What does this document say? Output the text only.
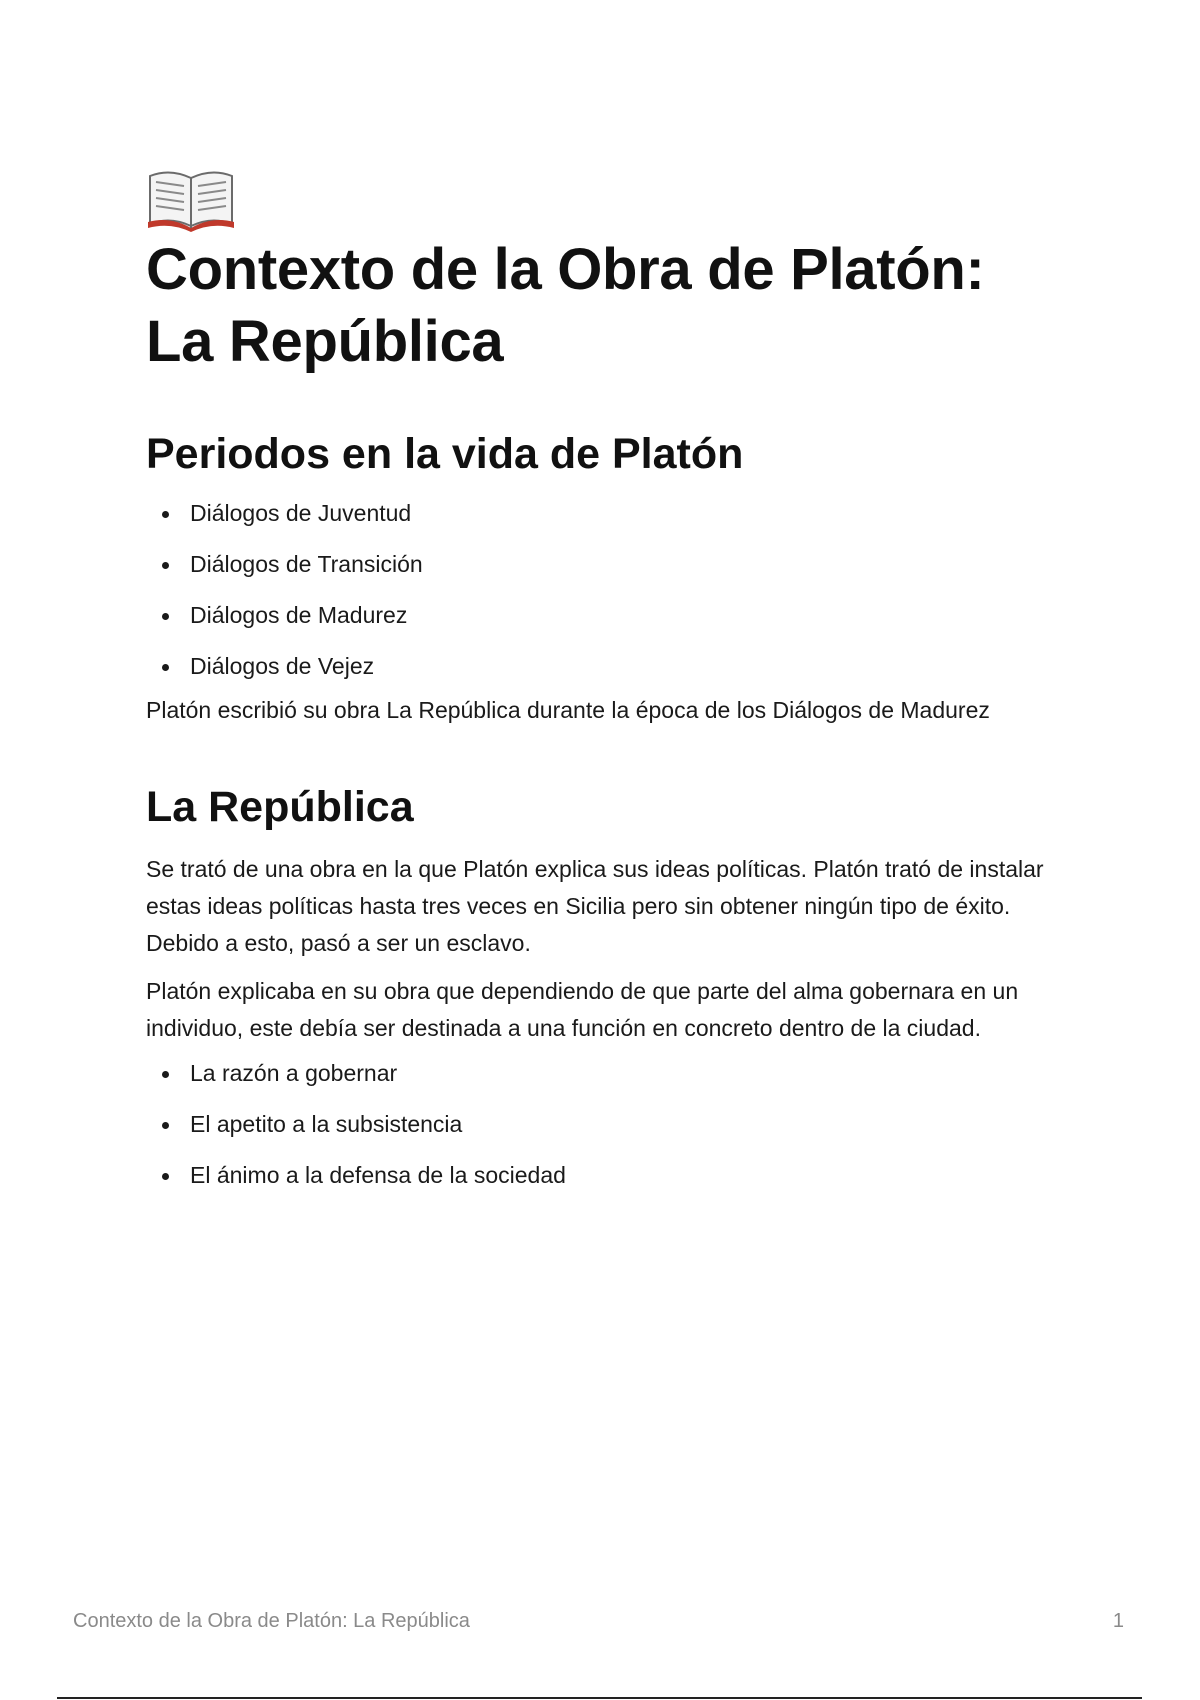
Contexto de la Obra de Platón: La República
Periodos en la vida de Platón
Diálogos de Juventud
Diálogos de Transición
Diálogos de Madurez
Diálogos de Vejez

Platón escribió su obra La República durante la época de los Diálogos de Madurez

La República

Se trató de una obra en la que Platón explica sus ideas políticas. Platón trató de instalar estas ideas políticas hasta tres veces en Sicilia pero sin obtener ningún tipo de éxito. Debido a esto, pasó a ser un esclavo.

Platón explicaba en su obra que dependiendo de que parte del alma gobernara en un individuo, este debía ser destinada a una función en concreto dentro de la ciudad.

La razón a gobernar
El apetito a la subsistencia
El ánimo a la defensa de la sociedad
Contexto de la Obra de Platón: La República	1
